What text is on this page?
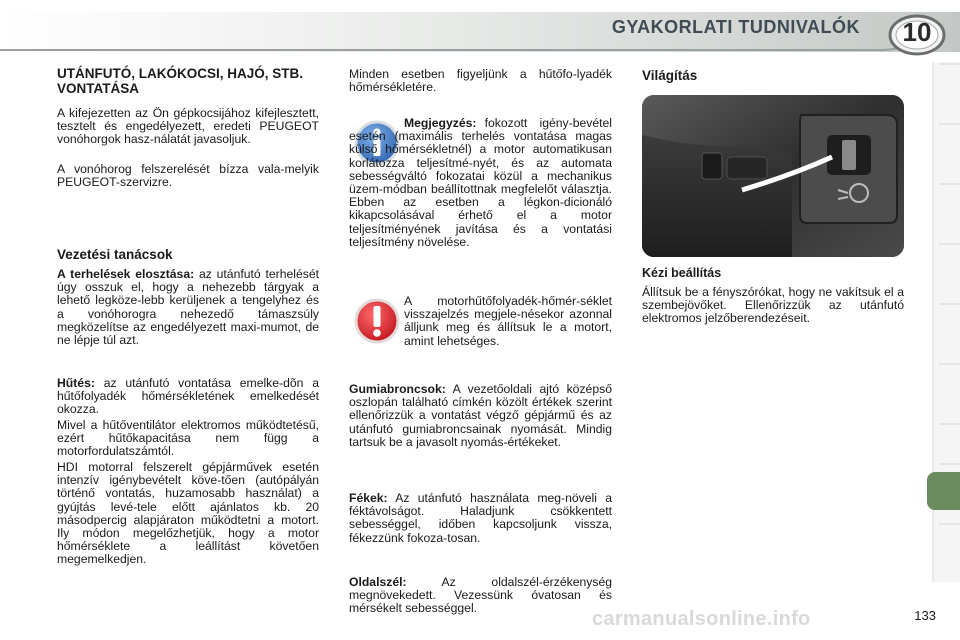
GYAKORLATI TUDNIVALÓK	10
UTÁNFUTÓ, LAKÓKOCSI, HAJÓ, STB. VONTATÁSA
A kifejezetten az Ön gépkocsijához kifejlesztett, tesztelt és engedélyezett, eredeti PEUGEOT vonóhorgok hasz-nálatát javasoljuk.
A vonóhorog felszerelését bízza vala-melyik PEUGEOT-szervizre.
Vezetési tanácsok
A terhelések elosztása: az utánfutó terhelését úgy osszuk el, hogy a nehezebb tárgyak a lehető legköze-lebb kerüljenek a tengelyhez és a vonóhorogra nehezedő támaszsúly megközelítse az engedélyezett maxi-mumot, de ne lépje túl azt.
Hűtés: az utánfutó vontatása emelke-dõn a hűtőfolyadék hőmérsékletének emelkedését okozza.
Mivel a hűtőventilátor elektromos működtetésű, ezért hűtőkapacitása nem függ a motorfordulatszámtól.
HDI motorral felszerelt gépjárművek esetén intenzív igénybevételt köve-tően (autópályán történő vontatás, huzamosabb használat) a gyújtás levé-tele előtt ajánlatos kb. 20 másodpercig alapjáraton működtetni a motort. Ily módon megelőzhetjük, hogy a motor hőmérséklete a leállítást követően megemelkedjen.
Minden esetben figyeljünk a hűtőfo-lyadék hőmérsékletére.
Megjegyzés:
fokozott igény-bevétel esetén (maximális terhelés vontatása magas külső hőmérsékletnél) a motor automatikusan korlátozza teljesítmé-nyét, és az automata sebességváltó fokozatai közül a mechanikus üzem-módban beállítottnak megfelelőt választja. Ebben az esetben a légkon-dicionáló kikapcsolásával érhető el a motor teljesítményének javítása és a vontatási teljesítmény növelése.
A motorhűtőfolyadék-hőmér-séklet visszajelzés megjele-nésekor azonnal álljunk meg és állítsuk le a motort, amint lehetséges.
Gumiabroncsok: A vezetőoldali ajtó középső oszlopán található címkén közölt értékek szerint ellenőrizzük a vontatást végző gépjármű és az utánfutó gumiabroncsainak nyomását. Mindig tartsuk be a javasolt nyomás-értékeket.
Fékek: Az utánfutó használata meg-növeli a féktávolságot. Haladjunk csökkentett sebességgel, időben kapcsoljunk vissza, fékezzünk fokoza-tosan.
Oldalszél: Az oldalszél-érzékenység megnövekedett. Vezessünk óvatosan és mérsékelt sebességgel.
Világítás
Kézi beállítás
Állítsuk be a fényszórókat, hogy ne vakítsuk el a szembejövőket. Ellenőrizzük az utánfutó elektromos jelzőberendezéseit.
carmanualsonline.info	133
